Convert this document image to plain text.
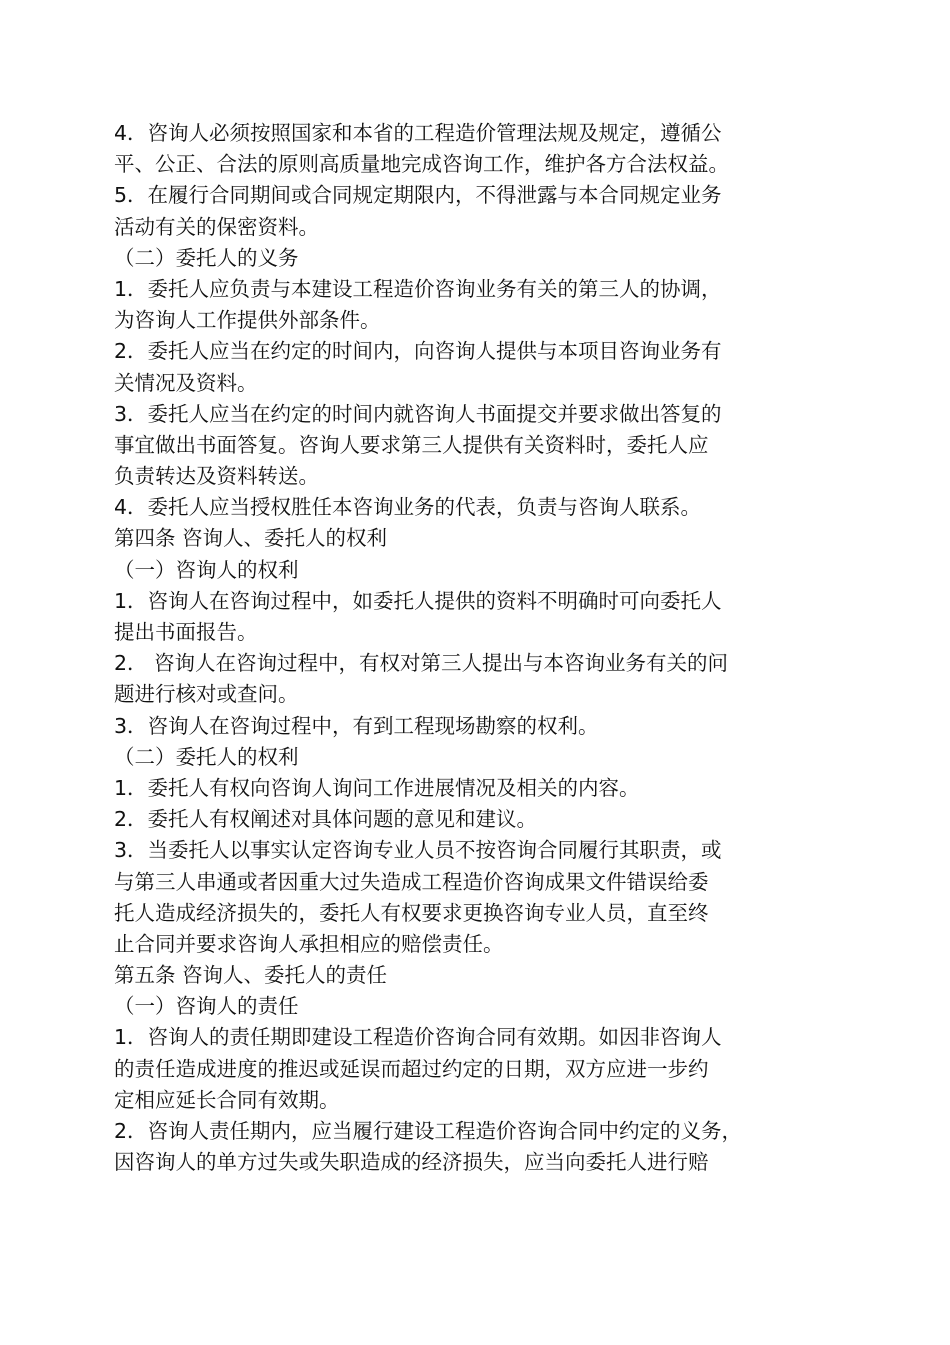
4．咨询人必须按照国家和本省的工程造价管理法规及规定，遵循公
平、公正、合法的原则高质量地完成咨询工作，维护各方合法权益。
5．在履行合同期间或合同规定期限内，不得泄露与本合同规定业务
活动有关的保密资料。
（二）委托人的义务
1．委托人应负责与本建设工程造价咨询业务有关的第三人的协调，
为咨询人工作提供外部条件。
2．委托人应当在约定的时间内，向咨询人提供与本项目咨询业务有
关情况及资料。
3．委托人应当在约定的时间内就咨询人书面提交并要求做出答复的
事宜做出书面答复。咨询人要求第三人提供有关资料时，委托人应
负责转达及资料转送。
4．委托人应当授权胜任本咨询业务的代表，负责与咨询人联系。
第四条 咨询人、委托人的权利
（一）咨询人的权利
1．咨询人在咨询过程中，如委托人提供的资料不明确时可向委托人
提出书面报告。
2． 咨询人在咨询过程中，有权对第三人提出与本咨询业务有关的问
题进行核对或查问。
3．咨询人在咨询过程中，有到工程现场勘察的权利。
（二）委托人的权利
1．委托人有权向咨询人询问工作进展情况及相关的内容。
2．委托人有权阐述对具体问题的意见和建议。
3．当委托人以事实认定咨询专业人员不按咨询合同履行其职责，或
与第三人串通或者因重大过失造成工程造价咨询成果文件错误给委
托人造成经济损失的，委托人有权要求更换咨询专业人员，直至终
止合同并要求咨询人承担相应的赔偿责任。
第五条 咨询人、委托人的责任
（一）咨询人的责任
1．咨询人的责任期即建设工程造价咨询合同有效期。如因非咨询人
的责任造成进度的推迟或延误而超过约定的日期，双方应进一步约
定相应延长合同有效期。
2．咨询人责任期内，应当履行建设工程造价咨询合同中约定的义务，
因咨询人的单方过失或失职造成的经济损失，应当向委托人进行赔
